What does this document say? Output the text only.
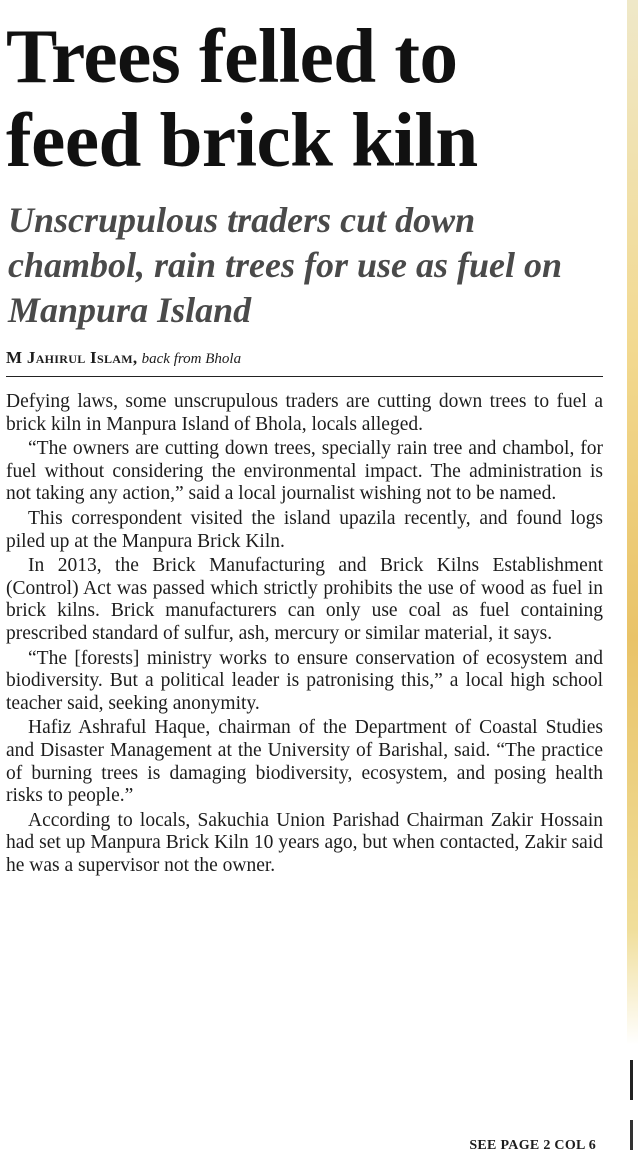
Trees felled to feed brick kiln
Unscrupulous traders cut down chambol, rain trees for use as fuel on Manpura Island
M Jahirul Islam, back from Bhola

Defying laws, some unscrupulous traders are cutting down trees to fuel a brick kiln in Manpura Island of Bhola, locals alleged.

“The owners are cutting down trees, specially rain tree and chambol, for fuel without considering the environmental impact. The administration is not taking any action,” said a local journalist wishing not to be named.

This correspondent visited the island upazila recently, and found logs piled up at the Manpura Brick Kiln.

In 2013, the Brick Manufacturing and Brick Kilns Establishment (Control) Act was passed which strictly prohibits the use of wood as fuel in brick kilns. Brick manufacturers can only use coal as fuel containing prescribed standard of sulfur, ash, mercury or similar material, it says.

“The [forests] ministry works to ensure conservation of ecosystem and biodiversity. But a political leader is patronising this,” a local high school teacher said, seeking anonymity.

Hafiz Ashraful Haque, chairman of the Department of Coastal Studies and Disaster Management at the University of Barishal, said. “The practice of burning trees is damaging biodiversity, ecosystem, and posing health risks to people.”

According to locals, Sakuchia Union Parishad Chairman Zakir Hossain had set up Manpura Brick Kiln 10 years ago, but when contacted, Zakir said he was a supervisor not the owner.

SEE PAGE 2 COL 6
